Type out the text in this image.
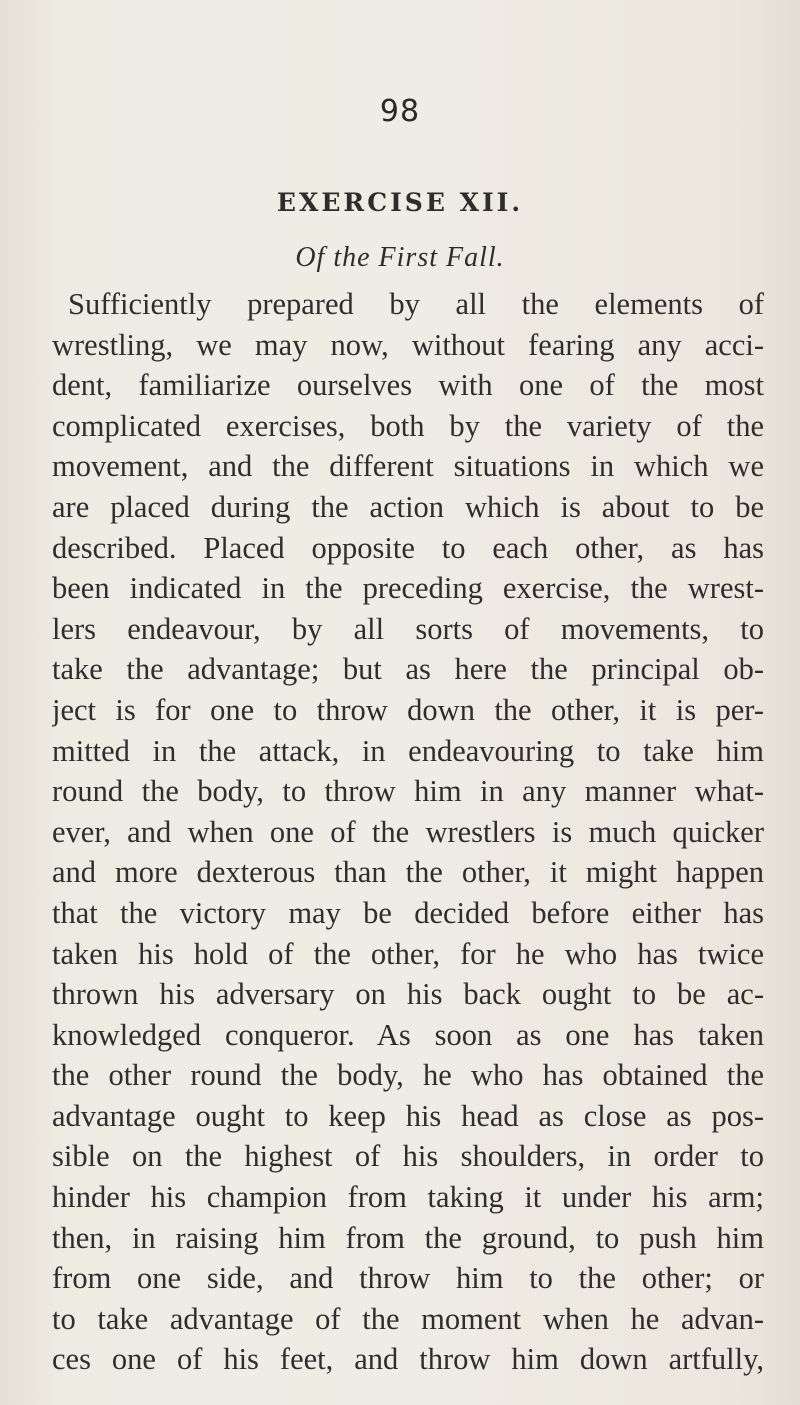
98
EXERCISE XII.
Of the First Fall.
Sufficiently prepared by all the elements of
wrestling, we may now, without fearing any acci-
dent, familiarize ourselves with one of the most
complicated exercises, both by the variety of the
movement, and the different situations in which we
are placed during the action which is about to be
described. Placed opposite to each other, as has
been indicated in the preceding exercise, the wrest-
lers endeavour, by all sorts of movements, to
take the advantage; but as here the principal ob-
ject is for one to throw down the other, it is per-
mitted in the attack, in endeavouring to take him
round the body, to throw him in any manner what-
ever, and when one of the wrestlers is much quicker
and more dexterous than the other, it might happen
that the victory may be decided before either has
taken his hold of the other, for he who has twice
thrown his adversary on his back ought to be ac-
knowledged conqueror. As soon as one has taken
the other round the body, he who has obtained the
advantage ought to keep his head as close as pos-
sible on the highest of his shoulders, in order to
hinder his champion from taking it under his arm;
then, in raising him from the ground, to push him
from one side, and throw him to the other; or
to take advantage of the moment when he advan-
ces one of his feet, and throw him down artfully,
